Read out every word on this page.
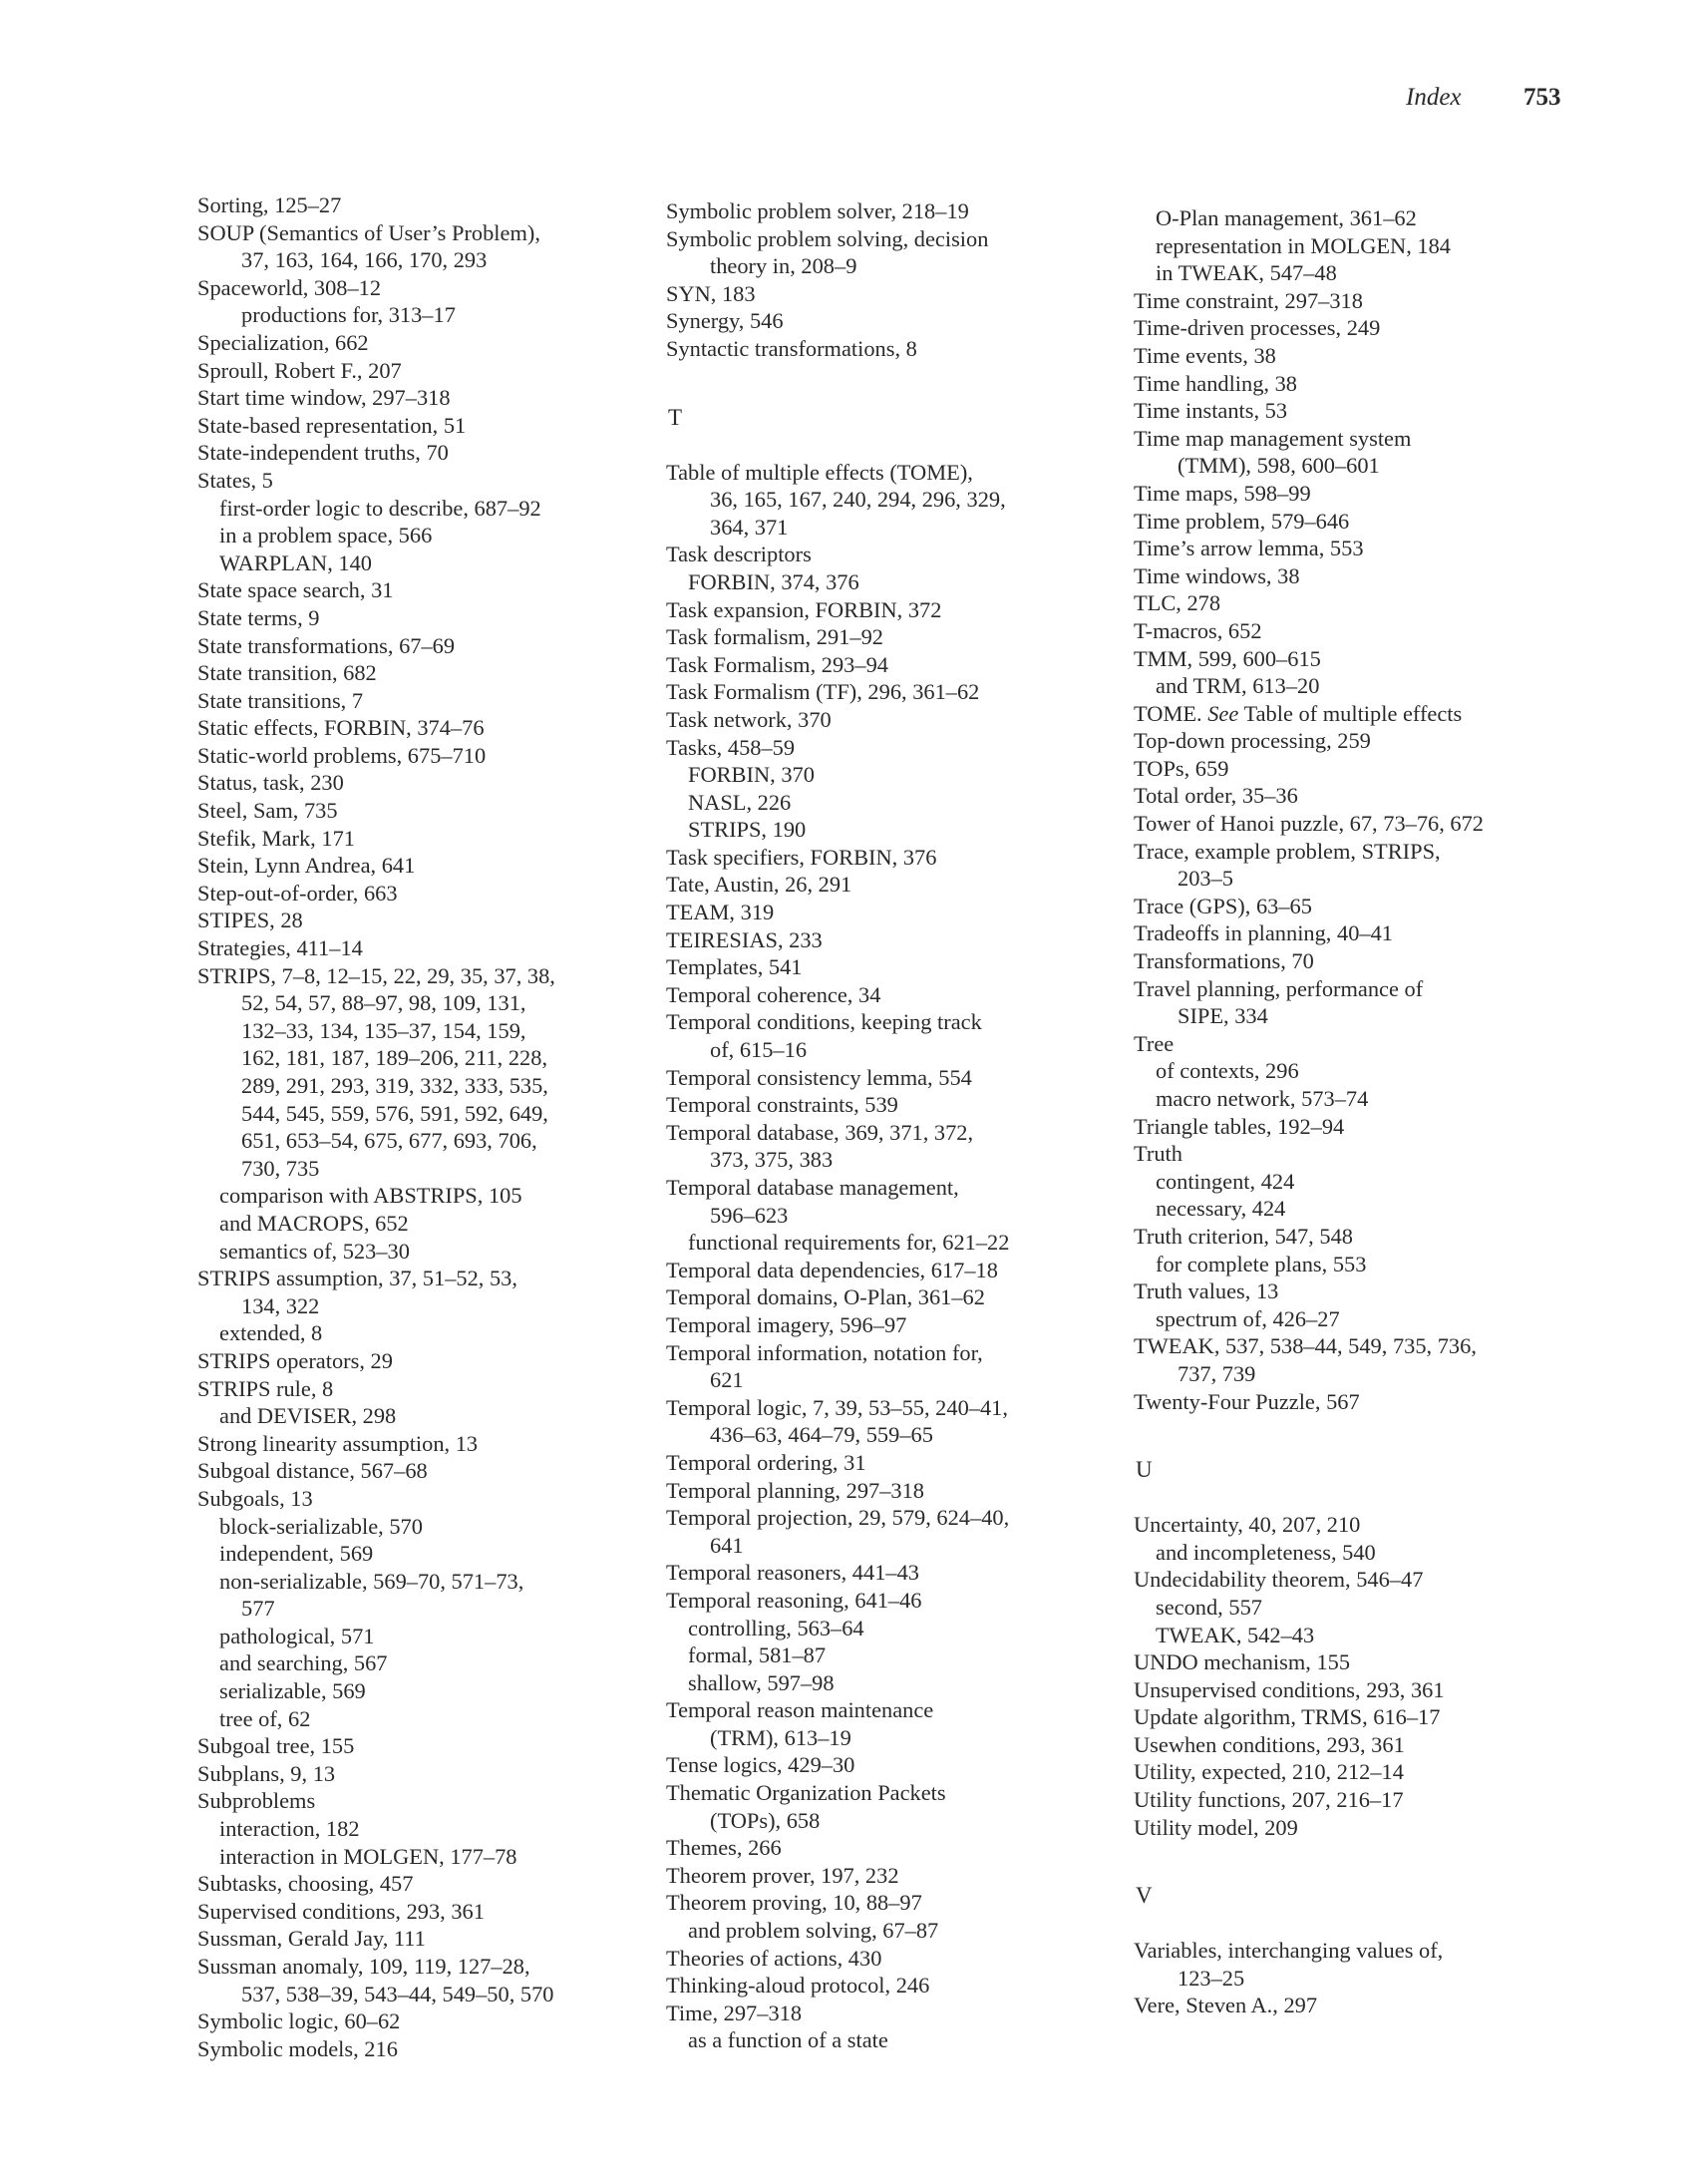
Index 753
Sorting, 125–27
SOUP (Semantics of User’s Problem),
37, 163, 164, 166, 170, 293
Spaceworld, 308–12
productions for, 313–17
Specialization, 662
Sproull, Robert F., 207
Start time window, 297–318
State-based representation, 51
State-independent truths, 70
States, 5
first-order logic to describe, 687–92
in a problem space, 566
WARPLAN, 140
State space search, 31
State terms, 9
State transformations, 67–69
State transition, 682
State transitions, 7
Static effects, FORBIN, 374–76
Static-world problems, 675–710
Status, task, 230
Steel, Sam, 735
Stefik, Mark, 171
Stein, Lynn Andrea, 641
Step-out-of-order, 663
STIPES, 28
Strategies, 411–14
STRIPS, 7–8, 12–15, 22, 29, 35, 37, 38,
52, 54, 57, 88–97, 98, 109, 131,
132–33, 134, 135–37, 154, 159,
162, 181, 187, 189–206, 211, 228,
289, 291, 293, 319, 332, 333, 535,
544, 545, 559, 576, 591, 592, 649,
651, 653–54, 675, 677, 693, 706,
730, 735
comparison with ABSTRIPS, 105
and MACROPS, 652
semantics of, 523–30
STRIPS assumption, 37, 51–52, 53,
134, 322
extended, 8
STRIPS operators, 29
STRIPS rule, 8
and DEVISER, 298
Strong linearity assumption, 13
Subgoal distance, 567–68
Subgoals, 13
block-serializable, 570
independent, 569
non-serializable, 569–70, 571–73,
577
pathological, 571
and searching, 567
serializable, 569
tree of, 62
Subgoal tree, 155
Subplans, 9, 13
Subproblems
interaction, 182
interaction in MOLGEN, 177–78
Subtasks, choosing, 457
Supervised conditions, 293, 361
Sussman, Gerald Jay, 111
Sussman anomaly, 109, 119, 127–28,
537, 538–39, 543–44, 549–50, 570
Symbolic logic, 60–62
Symbolic models, 216
Symbolic problem solver, 218–19
Symbolic problem solving, decision
theory in, 208–9
SYN, 183
Synergy, 546
Syntactic transformations, 8
T
Table of multiple effects (TOME),
36, 165, 167, 240, 294, 296, 329,
364, 371
Task descriptors
FORBIN, 374, 376
Task expansion, FORBIN, 372
Task formalism, 291–92
Task Formalism, 293–94
Task Formalism (TF), 296, 361–62
Task network, 370
Tasks, 458–59
FORBIN, 370
NASL, 226
STRIPS, 190
Task specifiers, FORBIN, 376
Tate, Austin, 26, 291
TEAM, 319
TEIRESIAS, 233
Templates, 541
Temporal coherence, 34
Temporal conditions, keeping track
of, 615–16
Temporal consistency lemma, 554
Temporal constraints, 539
Temporal database, 369, 371, 372,
373, 375, 383
Temporal database management,
596–623
functional requirements for, 621–22
Temporal data dependencies, 617–18
Temporal domains, O-Plan, 361–62
Temporal imagery, 596–97
Temporal information, notation for,
621
Temporal logic, 7, 39, 53–55, 240–41,
436–63, 464–79, 559–65
Temporal ordering, 31
Temporal planning, 297–318
Temporal projection, 29, 579, 624–40,
641
Temporal reasoners, 441–43
Temporal reasoning, 641–46
controlling, 563–64
formal, 581–87
shallow, 597–98
Temporal reason maintenance
(TRM), 613–19
Tense logics, 429–30
Thematic Organization Packets
(TOPs), 658
Themes, 266
Theorem prover, 197, 232
Theorem proving, 10, 88–97
and problem solving, 67–87
Theories of actions, 430
Thinking-aloud protocol, 246
Time, 297–318
as a function of a state
O-Plan management, 361–62
representation in MOLGEN, 184
in TWEAK, 547–48
Time constraint, 297–318
Time-driven processes, 249
Time events, 38
Time handling, 38
Time instants, 53
Time map management system
(TMM), 598, 600–601
Time maps, 598–99
Time problem, 579–646
Time’s arrow lemma, 553
Time windows, 38
TLC, 278
T-macros, 652
TMM, 599, 600–615
and TRM, 613–20
TOME. See Table of multiple effects
Top-down processing, 259
TOPs, 659
Total order, 35–36
Tower of Hanoi puzzle, 67, 73–76, 672
Trace, example problem, STRIPS,
203–5
Trace (GPS), 63–65
Tradeoffs in planning, 40–41
Transformations, 70
Travel planning, performance of
SIPE, 334
Tree
of contexts, 296
macro network, 573–74
Triangle tables, 192–94
Truth
contingent, 424
necessary, 424
Truth criterion, 547, 548
for complete plans, 553
Truth values, 13
spectrum of, 426–27
TWEAK, 537, 538–44, 549, 735, 736,
737, 739
Twenty-Four Puzzle, 567
U
Uncertainty, 40, 207, 210
and incompleteness, 540
Undecidability theorem, 546–47
second, 557
TWEAK, 542–43
UNDO mechanism, 155
Unsupervised conditions, 293, 361
Update algorithm, TRMS, 616–17
Usewhen conditions, 293, 361
Utility, expected, 210, 212–14
Utility functions, 207, 216–17
Utility model, 209
V
Variables, interchanging values of,
123–25
Vere, Steven A., 297
